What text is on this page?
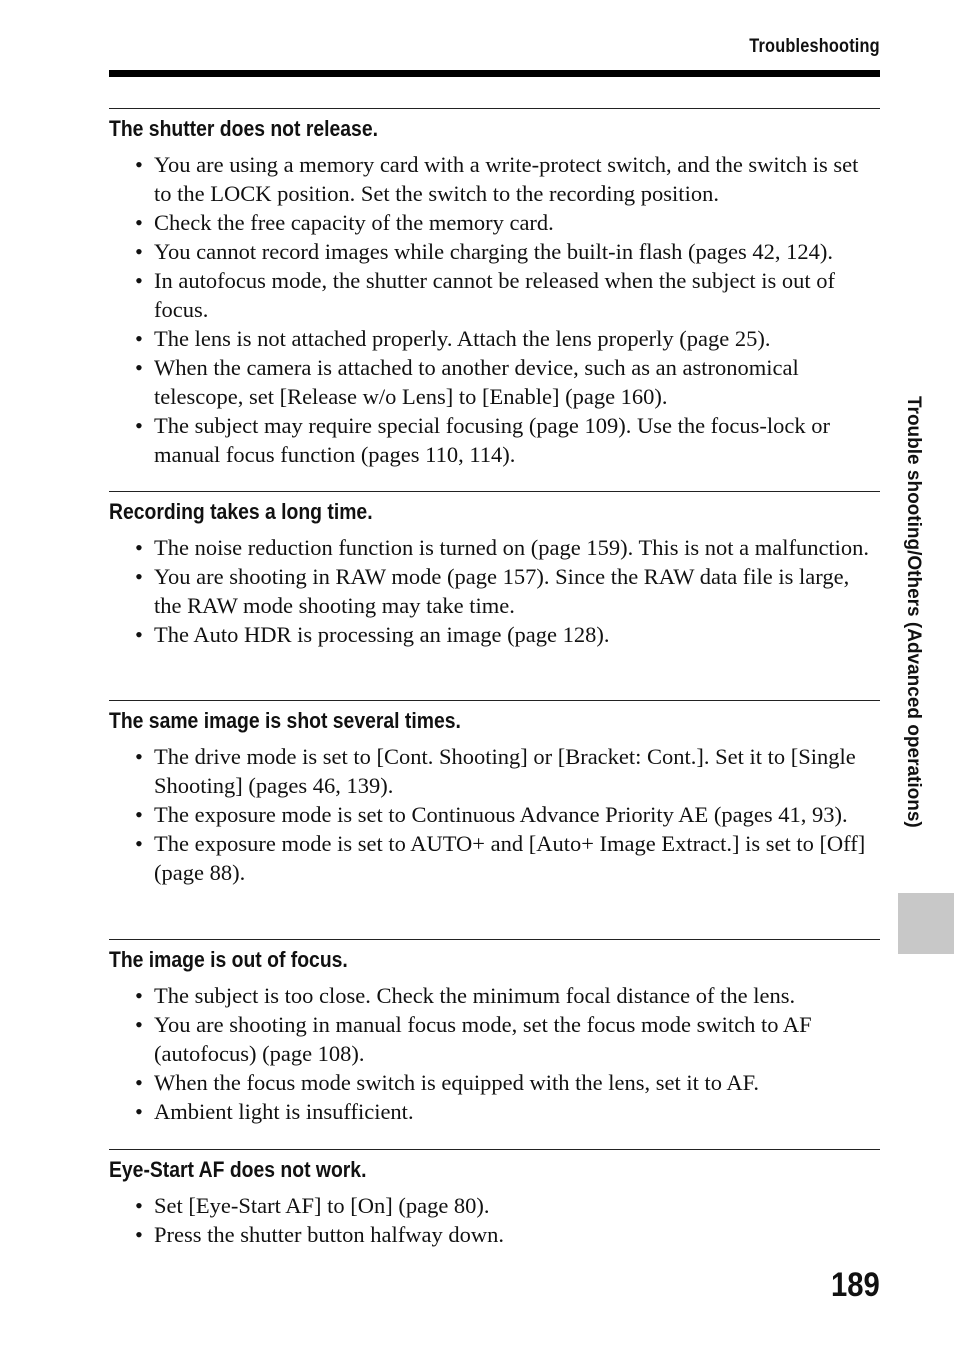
Troubleshooting
Trouble shooting/Others (Advanced operations)
The shutter does not release.
• You are using a memory card with a write-protect switch, and the switch is set to the LOCK position. Set the switch to the recording position.
• Check the free capacity of the memory card.
• You cannot record images while charging the built-in flash (pages 42, 124).
• In autofocus mode, the shutter cannot be released when the subject is out of focus.
• The lens is not attached properly. Attach the lens properly (page 25).
• When the camera is attached to another device, such as an astronomical telescope, set [Release w/o Lens] to [Enable] (page 160).
• The subject may require special focusing (page 109). Use the focus-lock or manual focus function (pages 110, 114).
Recording takes a long time.
• The noise reduction function is turned on (page 159). This is not a malfunction.
• You are shooting in RAW mode (page 157). Since the RAW data file is large, the RAW mode shooting may take time.
• The Auto HDR is processing an image (page 128).
The same image is shot several times.
• The drive mode is set to [Cont. Shooting] or [Bracket: Cont.]. Set it to [Single Shooting] (pages 46, 139).
• The exposure mode is set to Continuous Advance Priority AE (pages 41, 93).
• The exposure mode is set to AUTO+ and [Auto+ Image Extract.] is set to [Off] (page 88).
The image is out of focus.
• The subject is too close. Check the minimum focal distance of the lens.
• You are shooting in manual focus mode, set the focus mode switch to AF (autofocus) (page 108).
• When the focus mode switch is equipped with the lens, set it to AF.
• Ambient light is insufficient.
Eye-Start AF does not work.
• Set [Eye-Start AF] to [On] (page 80).
• Press the shutter button halfway down.
189
